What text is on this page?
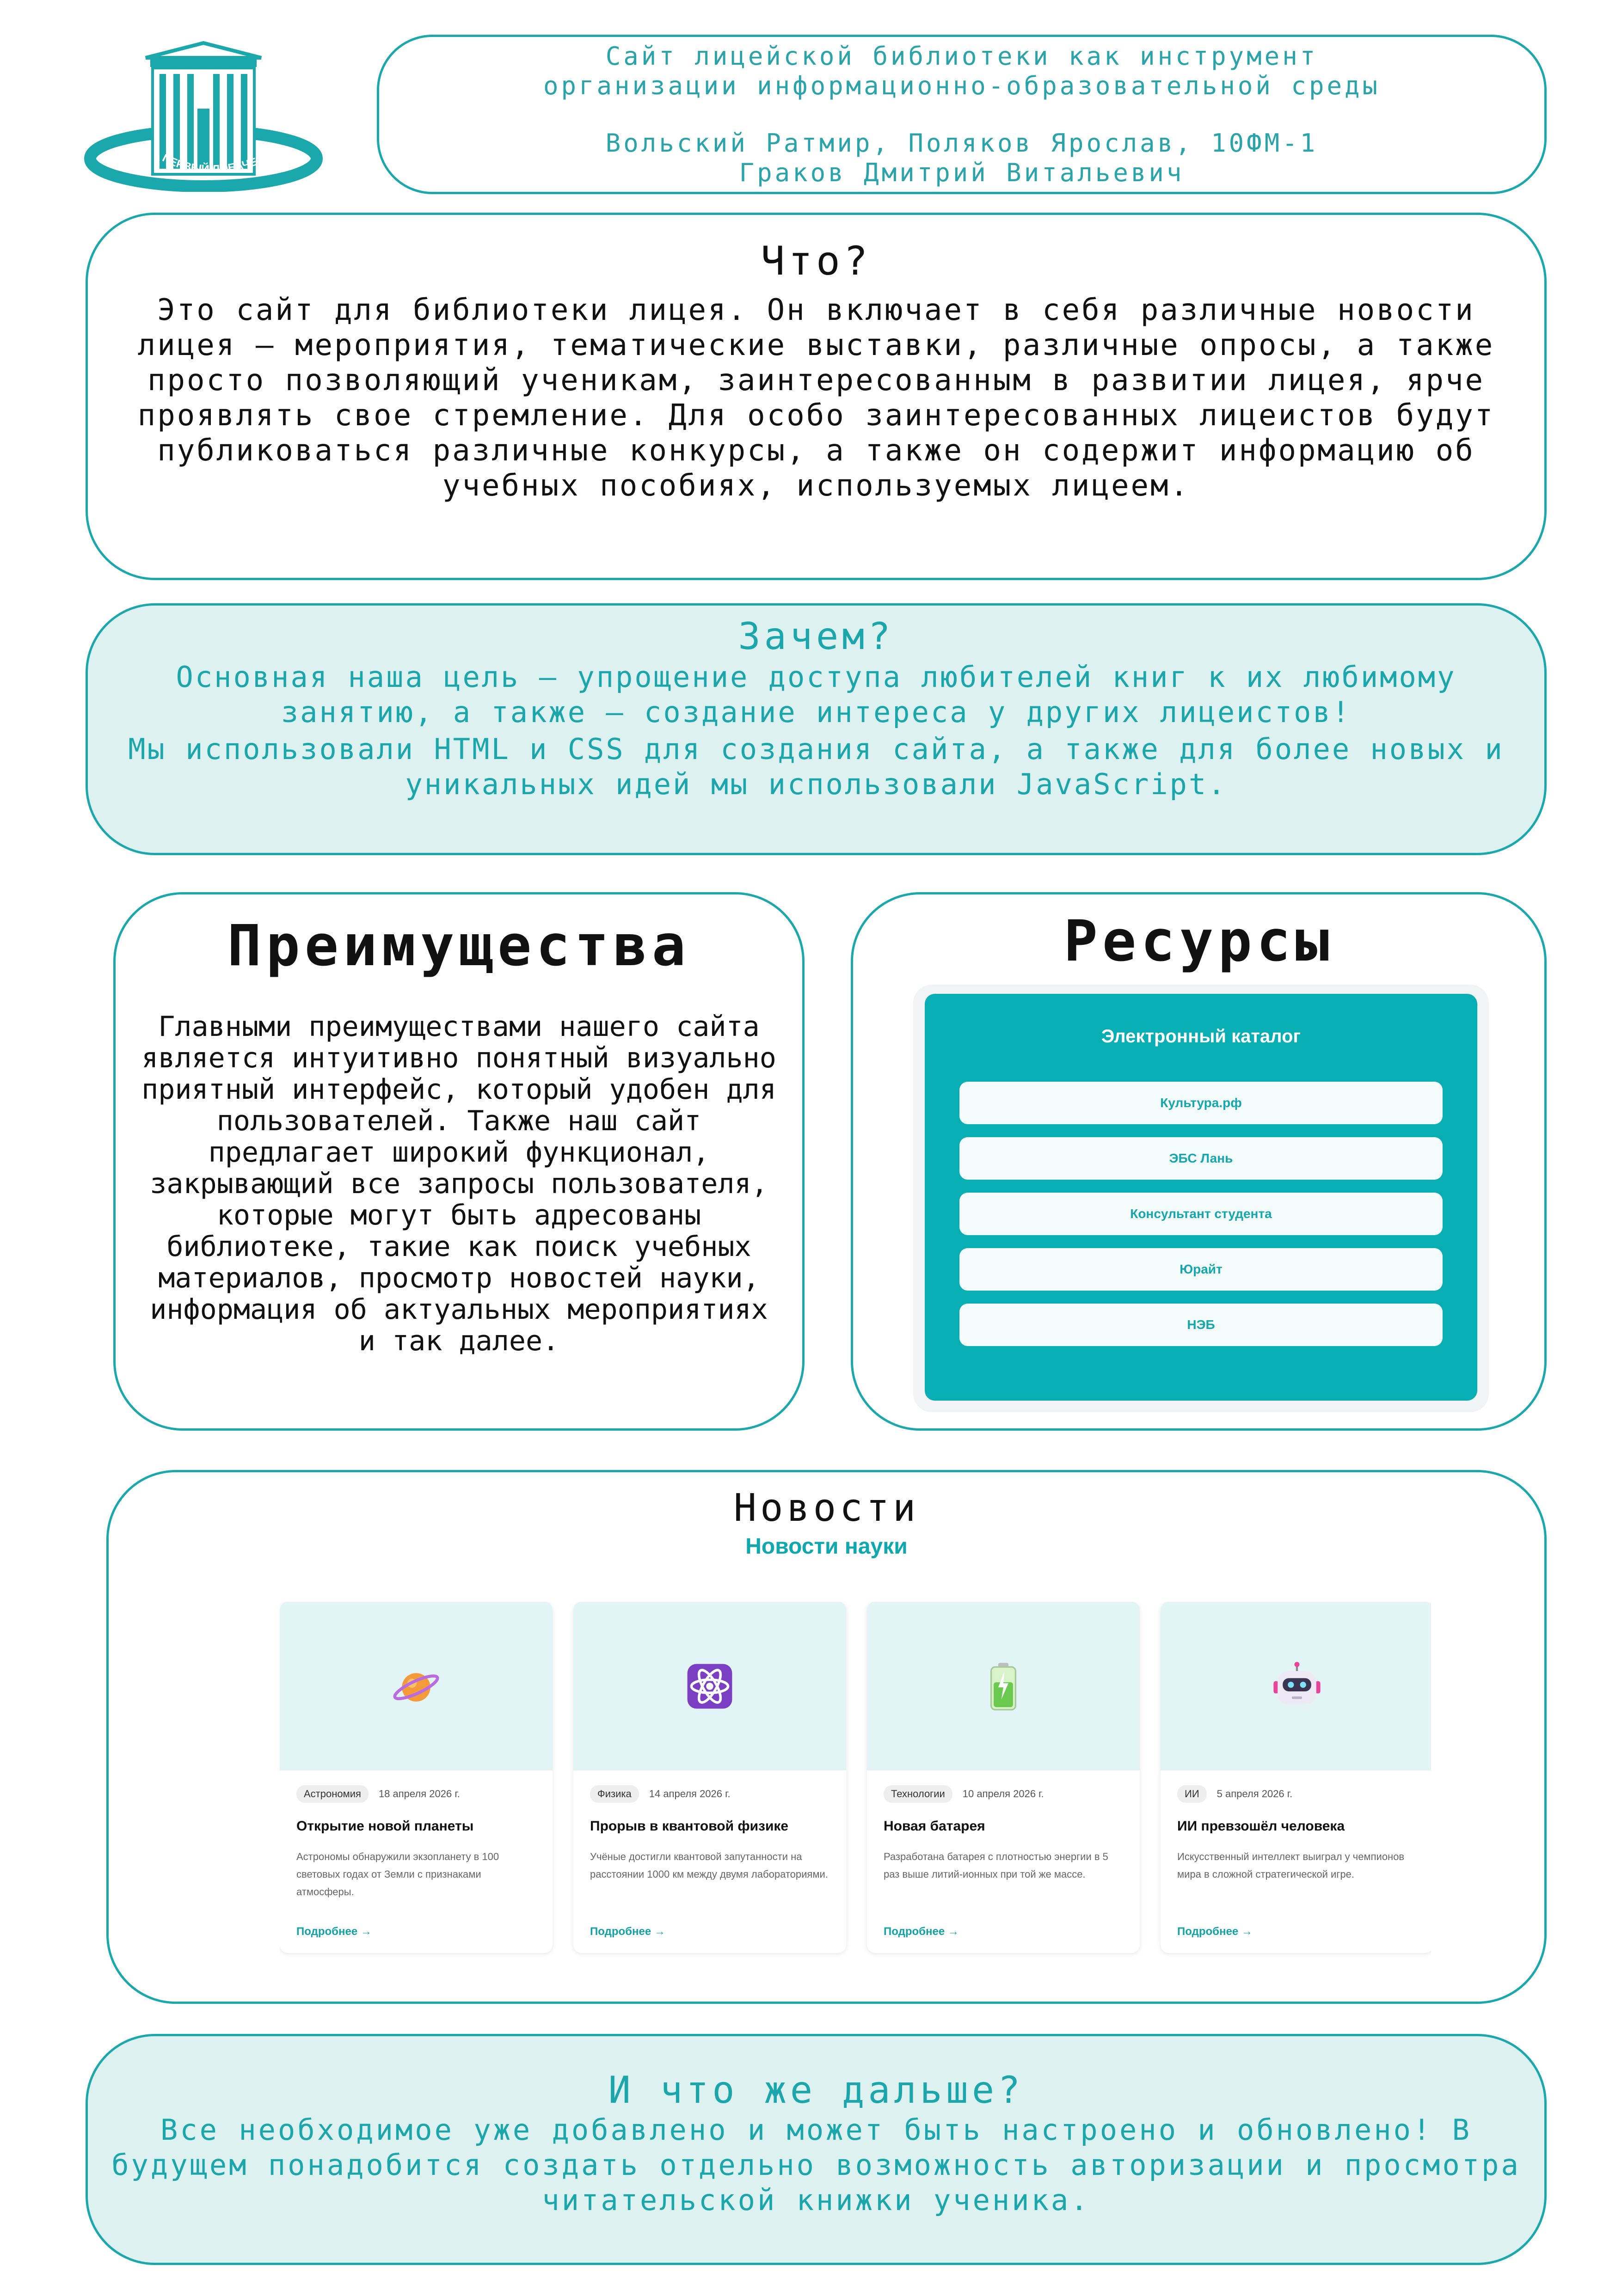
ПЕРВЫЙ ЛОБАЧЕВСК
Сайт лицейской библиотеки как инструмент
организации информационно-образовательной среды
Вольский Ратмир, Поляков Ярослав, 10ФМ-1
Граков Дмитрий Витальевич
Что?

Это сайт для библиотеки лицея. Он включает в себя различные новости лицея – мероприятия, тематические выставки, различные опросы, а также просто позволяющий ученикам, заинтересованным в развитии лицея, ярче проявлять свое стремление. Для особо заинтересованных лицеистов будут публиковаться различные конкурсы, а также он содержит информацию об учебных пособиях, используемых лицеем.

Зачем?

Основная наша цель – упрощение доступа любителей книг к их любимому занятию, а также – создание интереса у других лицеистов!

Мы использовали HTML и CSS для создания сайта, а также для более новых и уникальных идей мы использовали JavaScript.

Преимущества

Главными преимуществами нашего сайта является интуитивно понятный визуально приятный интерфейс, который удобен для пользователей. Также наш сайт предлагает широкий функционал, закрывающий все запросы пользователя, которые могут быть адресованы библиотеке, такие как поиск учебных материалов, просмотр новостей науки, информация об актуальных мероприятиях и так далее.

Ресурсы
Электронный каталог
Культура.рф
ЭБС Лань
Консультант студента
Юрайт
НЭБ
Новости
Новости науки
Астрономия	18 апреля 2026 г.
Открытие новой планеты
Астрономы обнаружили экзопланету в 100 световых годах от Земли с признаками атмосферы.
Подробнее →
Физика	14 апреля 2026 г.
Прорыв в квантовой физике
Учёные достигли квантовой запутанности на расстоянии 1000 км между двумя лабораториями.
Подробнее →
Технологии	10 апреля 2026 г.
Новая батарея
Разработана батарея с плотностью энергии в 5 раз выше литий-ионных при той же массе.
Подробнее →
ИИ	5 апреля 2026 г.
ИИ превзошёл человека
Искусственный интеллект выиграл у чемпионов мира в сложной стратегической игре.
Подробнее →
И что же дальше?

Все необходимое уже добавлено и может быть настроено и обновлено! В будущем понадобится создать отдельно возможность авторизации и просмотра читательской книжки ученика.
